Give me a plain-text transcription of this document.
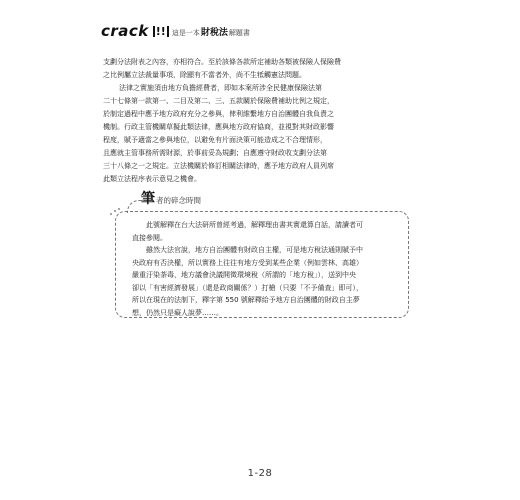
crack !! 這是一本財稅法解題書

支劃分法附表之內容，亦相符合。至於該條各款所定補助各類被保險人保險費
之比例屬立法裁量事項，除顯有不當者外，尚不生牴觸憲法問題。

法律之實施須由地方負擔經費者，即如本案所涉全民健康保險法第
二十七條第一款第一、二目及第二、三、五款關於保險費補助比例之規定，
於制定過程中應予地方政府充分之參與，俾利維繫地方自治團體自我負責之
機制。行政主管機關草擬此類法律，應與地方政府協商，並視對其財政影響
程度，賦予適當之參與地位，以避免有片面決策可能造成之不合理情形，
且應就主管事務所需財源，於事前妥為規劃；自應遵守財政收支劃分法第
三十八條之一之規定。立法機關於修訂相關法律時，應予地方政府人員列席
此類立法程序表示意見之機會。

筆 者的碎念時間
此號解釋在台大法研所曾經考過，解釋理由書其實還算白話，請讀者可
直接參閱。
雖然大法官說，地方自治團體有財政自主權，可是地方稅法通則賦予中
央政府有否決權，所以實務上往往有地方受到某些企業（例如雲林、高雄）
嚴重汙染荼毒，地方議會決議開徵環境稅（所謂的「地方稅」），送到中央
卻以「有害經濟發展」（還是政商關係？）打槍（只要「不予備查」即可），
所以在現在的法制下，釋字第 550 號解釋給予地方自治團體的財政自主夢
想，仍然只是癡人說夢……。
1-28
